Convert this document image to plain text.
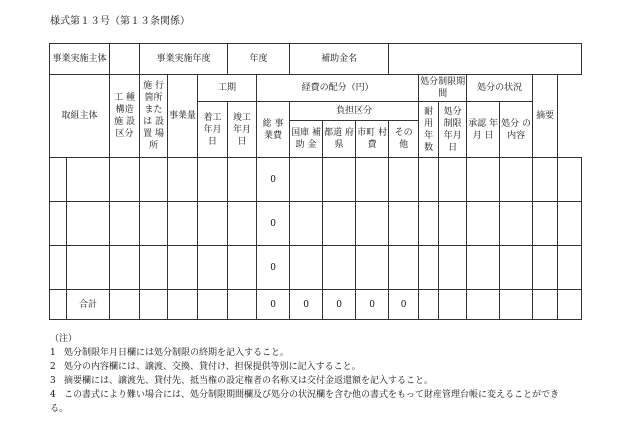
様式第１３号（第１３条関係）
事業実施主体			事業実施年度			年度		補助金名									
取組主体		工 種 構造 施 設 区分	施 行 箇所 また は 設 置 場所	事業量	工期		経費の配分（円）					処分制限期 間		処分の状況		摘要	
					着工 年月 日	竣工 年月 日	総 事 業費	負担区分				耐 用 年 数	処分 制限 年月 日	承認 年月 日	処分 の 内容		
								国庫 補助 金	都道 府県	市町 村費	その 他						
							0										
							0										
							0										
	合計						0	0	0	0	0						
（注）
1 処分制限年月日欄には処分制限の終期を記入すること。
2 処分の内容欄には、譲渡、交換、貸付け、担保提供等別に記入すること。
3 摘要欄には、譲渡先、貸付先、抵当権の設定権者の名称又は交付金返還額を記入すること。
4 この書式により難い場合には、処分制限期間欄及び処分の状況欄を含む他の書式をもって財産管理台帳に変えることができる。
